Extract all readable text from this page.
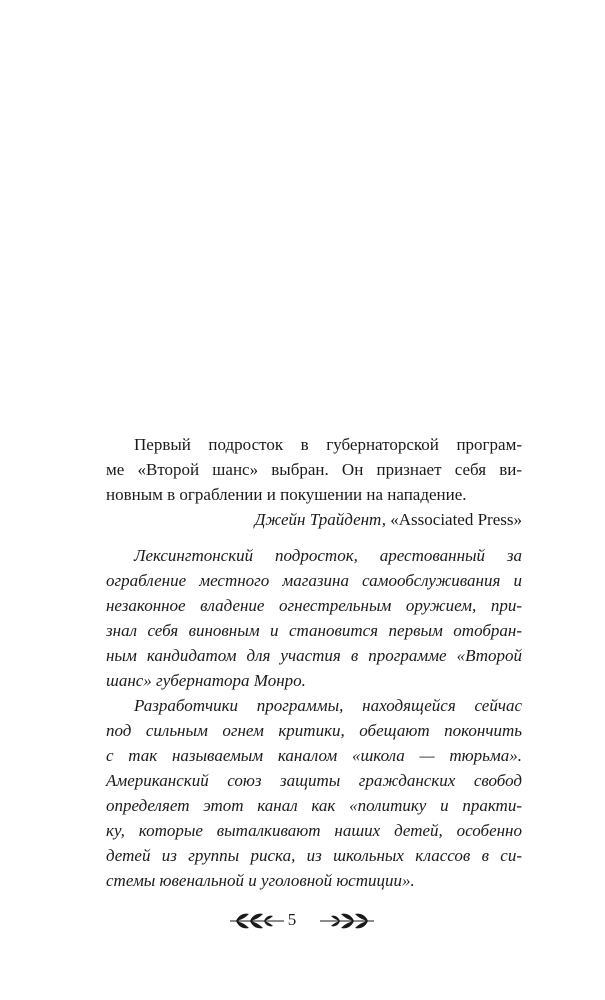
Первый подросток в губернаторской програм-
ме «Второй шанс» выбран. Он признает себя ви-
новным в ограблении и покушении на нападение.
Джейн Трайдент, «Associated Press»
Лексингтонский подросток, арестованный за
ограбление местного магазина самообслуживания и
незаконное владение огнестрельным оружием, при-
знал себя виновным и становится первым отобран-
ным кандидатом для участия в программе «Второй
шанс» губернатора Монро.
Разработчики программы, находящейся сейчас
под сильным огнем критики, обещают покончить
с так называемым каналом «школа — тюрьма».
Американский союз защиты гражданских свобод
определяет этот канал как «политику и практи-
ку, которые выталкивают наших детей, особенно
детей из группы риска, из школьных классов в си-
стемы ювенальной и уголовной юстиции».
5
